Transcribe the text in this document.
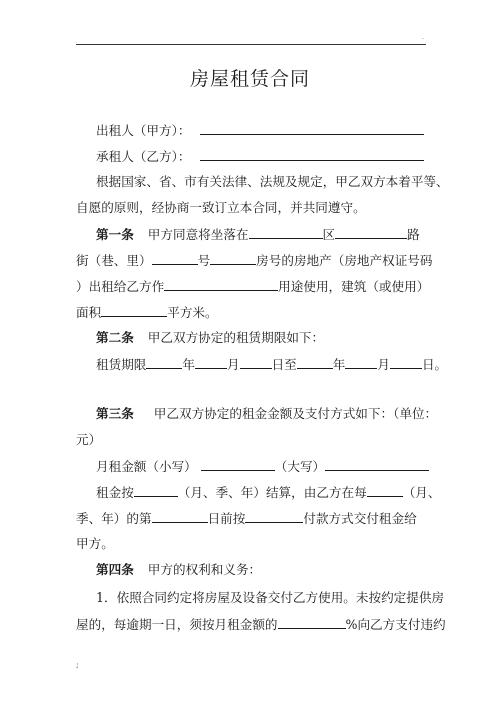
·
房屋租赁合同
出租人（甲方）：
承租人（乙方）：
根据国家、省、市有关法律、法规及规定，甲乙双方本着平等、
自愿的原则，经协商一致订立本合同，并共同遵守。
第一条 甲方同意将坐落在	区	路
街（巷、里）	号	房号的房地产（房地产权证号码
）出租给乙方作	用途使用，建筑（或使用）
面积	平方米。
第二条 甲乙双方协定的租赁期限如下：
租赁期限	年	月	日至	年	月	日。
第三条 甲乙双方协定的租金金额及支付方式如下：（单位：
元）
月租金额（小写）	（大写）
租金按	（月、季、年）结算，由乙方在每	（月、
季、年）的第	日前按	付款方式交付租金给
甲方。
第四条 甲方的权利和义务：
1．依照合同约定将房屋及设备交付乙方使用。未按约定提供房
屋的，每逾期一日，须按月租金额的	%向乙方支付违约
;
